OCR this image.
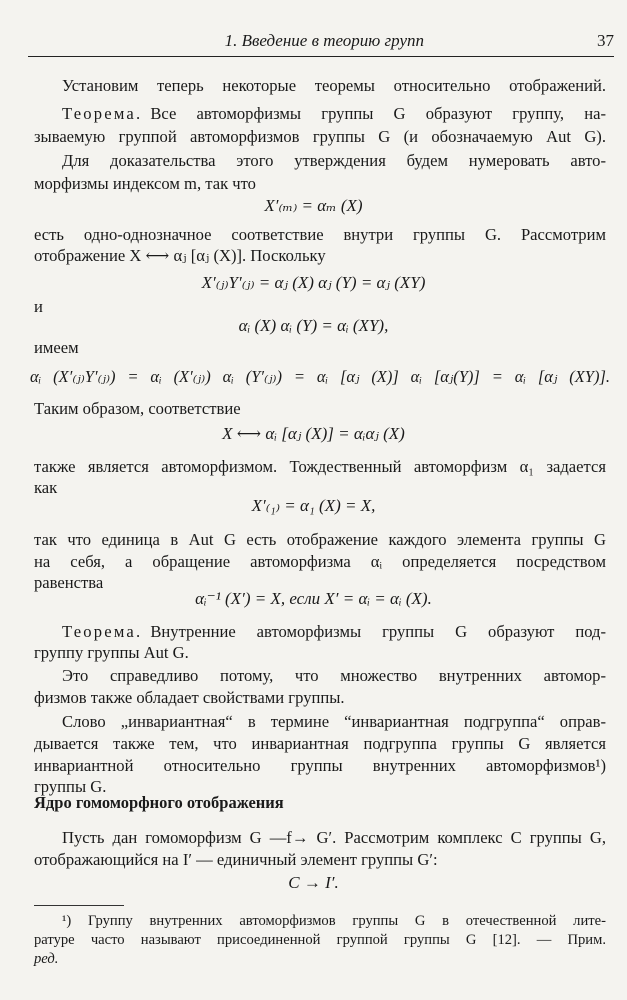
1. Введение в теорию групп	37
Установим теперь некоторые теоремы относительно отображений.
Теорема. Все автоморфизмы группы G образуют группу, на-
зываемую группой автоморфизмов группы G (и обозначаемую Aut G).
Для доказательства этого утверждения будем нумеровать авто-
морфизмы индексом m, так что
X′₍ₘ₎ = αₘ (X)
есть одно-однозначное соответствие внутри группы G. Рассмотрим
отображение X ⟷ αⱼ [αⱼ (X)]. Поскольку
X′₍ⱼ₎Y′₍ⱼ₎ = αⱼ (X) αⱼ (Y) = αⱼ (XY)
и
αᵢ (X) αᵢ (Y) = αᵢ (XY),
имеем
αᵢ (X′₍ⱼ₎Y′₍ⱼ₎) = αᵢ (X′₍ⱼ₎) αᵢ (Y′₍ⱼ₎) = αᵢ [αⱼ (X)] αᵢ [αⱼ(Y)] = αᵢ [αⱼ (XY)].
Таким образом, соответствие
X ⟷ αᵢ [αⱼ (X)] = αᵢαⱼ (X)
также является автоморфизмом. Тождественный автоморфизм α₁ задается
как
X′₍₁₎ = α₁ (X) = X,
так что единица в Aut G есть отображение каждого элемента группы G
на себя, а обращение автоморфизма αᵢ определяется посредством
равенства
αᵢ⁻¹ (X′) = X, если X′ = αᵢ = αᵢ (X).
Теорема. Внутренние автоморфизмы группы G образуют под-
группу группы Aut G.
Это справедливо потому, что множество внутренних автомор-
физмов также обладает свойствами группы.
Слово „инвариантная“ в термине “инвариантная подгруппа“ оправ-
дывается также тем, что инвариантная подгруппа группы G является
инвариантной относительно группы внутренних автоморфизмов¹)
группы G.
Ядро гомоморфного отображения
Пусть дан гомоморфизм G —f→ G′. Рассмотрим комплекс C группы G,
отображающийся на I′ — единичный элемент группы G′:
C → I′.
¹) Группу внутренних автоморфизмов группы G в отечественной лите-
ратуре часто называют присоединенной группой группы G [12]. — Прим.
ред.
